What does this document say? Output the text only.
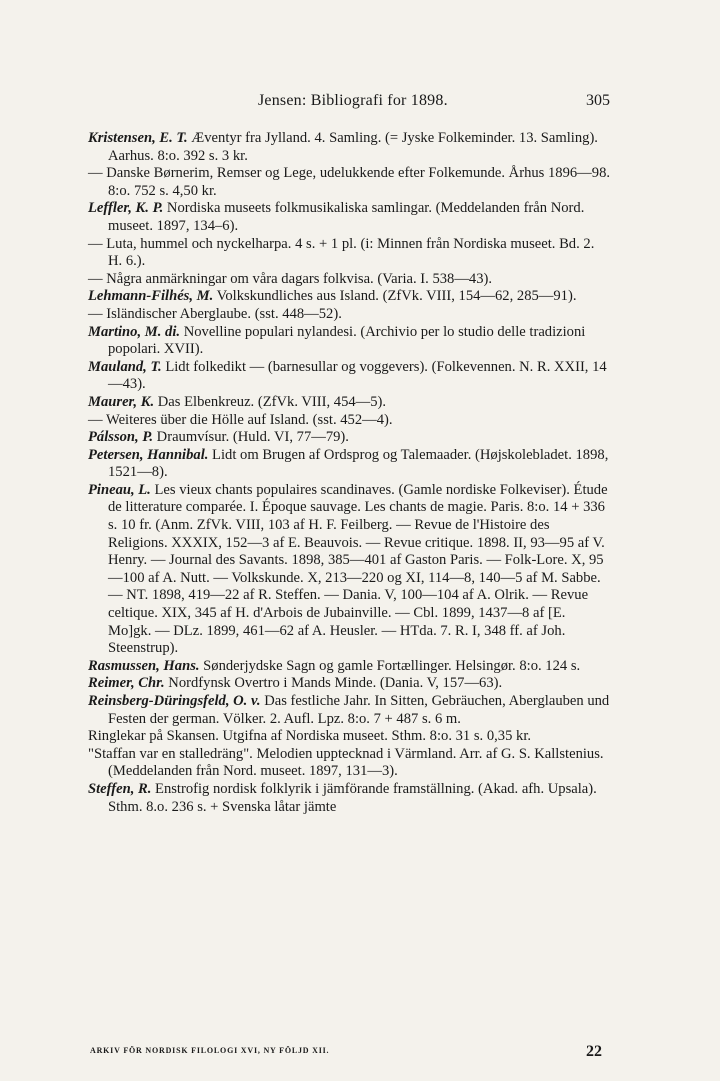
Jensen: Bibliografi for 1898.	305

Kristensen, E. T. Æventyr fra Jylland. 4. Samling. (= Jyske Folkeminder. 13. Samling). Aarhus. 8:o. 392 s. 3 kr.

— Danske Børnerim, Remser og Lege, udelukkende efter Folkemunde. Århus 1896—98. 8:o. 752 s. 4,50 kr.

Leffler, K. P. Nordiska museets folkmusikaliska samlingar. (Meddelanden från Nord. museet. 1897, 134–6).

— Luta, hummel och nyckelharpa. 4 s. + 1 pl. (i: Minnen från Nordiska museet. Bd. 2. H. 6.).

— Några anmärkningar om våra dagars folkvisa. (Varia. I. 538—43).

Lehmann-Filhés, M. Volkskundliches aus Island. (ZfVk. VIII, 154—62, 285—91).

— Isländischer Aberglaube. (sst. 448—52).

Martino, M. di. Novelline populari nylandesi. (Archivio per lo studio delle tradizioni popolari. XVII).

Mauland, T. Lidt folkedikt — (barnesullar og voggevers). (Folkevennen. N. R. XXII, 14—43).

Maurer, K. Das Elbenkreuz. (ZfVk. VIII, 454—5).

— Weiteres über die Hölle auf Island. (sst. 452—4).

Pálsson, P. Draumvísur. (Huld. VI, 77—79).

Petersen, Hannibal. Lidt om Brugen af Ordsprog og Talemaader. (Højskolebladet. 1898, 1521—8).

Pineau, L. Les vieux chants populaires scandinaves. (Gamle nordiske Folkeviser). Étude de litterature comparée. I. Époque sauvage. Les chants de magie. Paris. 8:o. 14 + 336 s. 10 fr. (Anm. ZfVk. VIII, 103 af H. F. Feilberg. — Revue de l'Histoire des Religions. XXXIX, 152—3 af E. Beauvois. — Revue critique. 1898. II, 93—95 af V. Henry. — Journal des Savants. 1898, 385—401 af Gaston Paris. — Folk-Lore. X, 95—100 af A. Nutt. — Volkskunde. X, 213—220 og XI, 114—8, 140—5 af M. Sabbe. — NT. 1898, 419—22 af R. Steffen. — Dania. V, 100—104 af A. Olrik. — Revue celtique. XIX, 345 af H. d'Arbois de Jubainville. — Cbl. 1899, 1437—8 af [E. Mo]gk. — DLz. 1899, 461—62 af A. Heusler. — HTda. 7. R. I, 348 ff. af Joh. Steenstrup).

Rasmussen, Hans. Sønderjydske Sagn og gamle Fortællinger. Helsingør. 8:o. 124 s.

Reimer, Chr. Nordfynsk Overtro i Mands Minde. (Dania. V, 157—63).

Reinsberg-Düringsfeld, O. v. Das festliche Jahr. In Sitten, Gebräuchen, Aberglauben und Festen der german. Völker. 2. Aufl. Lpz. 8:o. 7 + 487 s. 6 m.

Ringlekar på Skansen. Utgifna af Nordiska museet. Sthm. 8:o. 31 s. 0,35 kr.

"Staffan var en stalledräng". Melodien upptecknad i Värmland. Arr. af G. S. Kallstenius. (Meddelanden från Nord. museet. 1897, 131—3).

Steffen, R. Enstrofig nordisk folklyrik i jämförande framställning. (Akad. afh. Upsala). Sthm. 8.o. 236 s. + Svenska låtar jämte

ARKIV FÖR NORDISK FILOLOGI XVI, NY FÖLJD XII.	22
